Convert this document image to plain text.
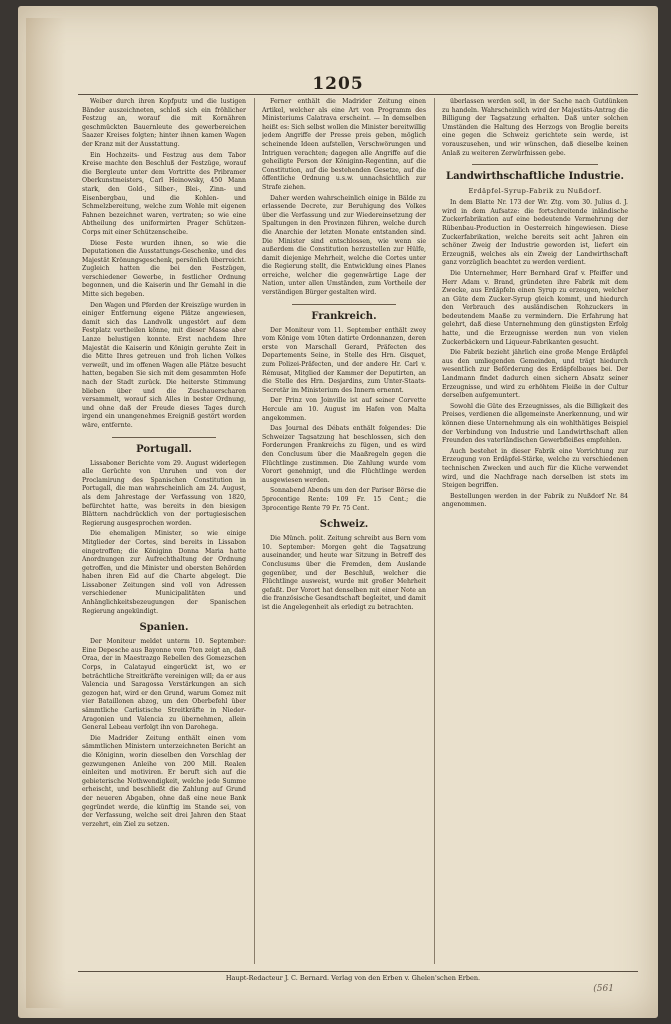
1205

Weiber durch ihren Kopfputz und die lustigen Bänder auszeichneten, schloß sich ein fröhlicher Festzug an, worauf die mit Kornähren geschmückten Bauernleute des gewerbereichen Saazer Kreises folgten; hinter ihnen kamen Wagen der Kranz mit der Ausstattung.

Ein Hochzeits- und Festzug aus dem Tabor Kreise machte den Beschluß der Festzüge, worauf die Bergleute unter dem Vortritte des Pribramer Oberkunstmeisters, Carl Heinowsky, 450 Mann stark, den Gold-, Silber-, Blei-, Zinn- und Eisenbergbau, und die Kohlen- und Schmelzbereitung, welche zum Wohle mit eigenen Fahnen bezeichnet waren, vertraten; so wie eine Abtheilung des uniformirten Prager Schützen-Corps mit einer Schützenscheibe.

Diese Feste wurden ihnen, so wie die Deputationen die Ausstattungs-Geschenke, und des Majestät Krönungsgeschenk, persönlich überreicht. Zugleich hatten die bei den Festzügen, verschiedener Gewerbe, in festlicher Ordnung begonnen, und die Kaiserin und Ihr Gemahl in die Mitte sich begeben.

Den Wagen und Pferden der Kreiszüge wurden in einiger Entfernung eigene Plätze angewiesen, damit sich das Landvolk ungestört auf dem Festplatz vertheilen könne, mit dieser Masse aber Lanze belustigen konnte. Erst nachdem Ihre Majestät die Kaiserin und Königin geruhte Zeit in die Mitte Ihres getreuen und froh lichen Volkes verweilt, und im offenen Wagen alle Plätze besucht hatten, begaben Sie sich mit dem gesammten Hofe nach der Stadt zurück. Die heiterste Stimmung blieben über und die Zuschauerscharen versammelt, worauf sich Alles in bester Ordnung, und ohne daß der Freude dieses Tages durch irgend ein unangenehmes Ereigniß gestört worden wäre, entfernte.

Portugall.

Lissaboner Berichte vom 29. August widerlegen alle Gerüchte von Unruhen und von der Proclamirung des Spanischen Constitution in Portugall, die man wahrscheinlich am 24. August, als dem Jahrestage der Verfassung von 1820, befürchtet hatte, was bereits in den biesigen Blättern nachdrücklich von der portugiesischen Regierung ausgesprochen worden.

Die ehemaligen Minister, so wie einige Mitglieder der Cortes, sind bereits in Lissabon eingetroffen; die Königinn Donna Maria hatte Anordnungen zur Aufrechthaltung der Ordnung getroffen, und die Minister und obersten Behörden haben ihren Eid auf die Charte abgelegt. Die Lissaboner Zeitungen sind voll von Adressen verschiedener Municipalitäten und Anhänglichkeitsbezeugungen der Spanischen Regierung angekündigt.

Spanien.

Der Moniteur meldet unterm 10. September: Eine Depesche aus Bayonne vom 7ten zeigt an, daß Oraa, der in Maestrazgo Rebellen des Gomezschen Corps, in Calatayud eingerückt ist, wo er beträchtliche Streitkräfte vereinigen will; da er aus Valencia und Saragossa Verstärkungen an sich gezogen hat, wird er den Grund, warum Gomez mit vier Bataillonen abzog, um den Oberbefehl über sämmtliche Carlistische Streitkräfte in Nieder-Aragonien und Valencia zu übernehmen, allein General Lebeau verfolgt ihn von Darohega.

Die Madrider Zeitung enthält einen vom sämmtlichen Ministern unterzeichneten Bericht an die Königinn, worin dieselben den Vorschlag der gezwungenen Anleihe von 200 Mill. Realen einleiten und motiviren. Er beruft sich auf die gebieterische Nothwendigkeit, welche jede Summe erheischt, und beschließt die Zahlung auf Grund der neueren Abgaben, ohne daß eine neue Bank gegründet werde, die künftig im Stande sei, von der Verfassung, welche seit drei Jahren den Staat verzehrt, ein Ziel zu setzen.

Ferner enthält die Madrider Zeitung einen Artikel, welcher als eine Art von Programm des Ministeriums Calatrava erscheint. — In demselben heißt es: Sich selbst wollen die Minister bereitwillig jedem Angriffe der Presse preis geben, möglich scheinende Ideen aufstellen, Verschwörungen und Intriguen verachten; dagegen alle Angriffe auf die geheiligte Person der Königinn-Regentinn, auf die Constitution, auf die bestehenden Gesetze, auf die öffentliche Ordnung u.s.w. unnachsichtlich zur Strafe ziehen.

Daher werden wahrscheinlich einige in Bälde zu erlassende Decrete, zur Beruhigung des Volkes über die Verfassung und zur Wiedereinsetzung der Spaltungen in den Provinzen führen, welche durch die Anarchie der letzten Monate entstanden sind. Die Minister sind entschlossen, wie wenn sie außerdem die Constitution herzustellen zur Hülfe, damit diejenige Mehrheit, welche die Cortes unter die Regierung stellt, die Entwicklung eines Planes erreiche, welcher die gegenwärtige Lage der Nation, unter allen Umständen, zum Vortheile der verständigen Bürger gestalten wird.

Frankreich.

Der Moniteur vom 11. September enthält zwey vom Könige vom 10ten datirte Ordonnanzen, deren erste von Marschall Gerard, Präfecten des Departements Seine, in Stelle des Hrn. Gisquet, zum Polizei-Präfecten, und der andere Hr. Carl v. Rémusat, Mitglied der Kammer der Deputirten, an die Stelle des Hrn. Desjardins, zum Unter-Staats-Secretär im Ministerium des Innern ernennt.

Der Prinz von Joinville ist auf seiner Corvette Hercule am 10. August im Hafen von Malta angekommen.

Das Journal des Débats enthält folgendes: Die Schweizer Tagsatzung hat beschlossen, sich den Forderungen Frankreichs zu fügen, und es wird den Conclusum über die Maaßregeln gegen die Flüchtlinge zustimmen. Die Zahlung wurde vom Vorort genehmigt, und die Flüchtlinge werden ausgewiesen werden.

Sonnabend Abends um den der Pariser Börse die 5procentige Rente: 109 Fr. 15 Cent.; die 3procentige Rente 79 Fr. 75 Cent.

Schweiz.

Die Münch. polit. Zeitung schreibt aus Bern vom 10. September: Morgen geht die Tagsatzung auseinander, und heute war Sitzung in Betreff des Conclusums über die Fremden, dem Auslande gegenüber, und der Beschluß, welcher die Flüchtlinge ausweist, wurde mit großer Mehrheit gefaßt. Der Vorort hat denselben mit einer Note an die französische Gesandtschaft begleitet, und damit ist die Angelegenheit als erledigt zu betrachten.

überlassen werden soll, in der Sache nach Gutdünken zu handeln. Wahrscheinlich wird der Majestäts-Antrag die Billigung der Tagsatzung erhalten. Daß unter solchen Umständen die Haltung des Herzogs von Broglie bereits eine gegen die Schweiz gerichtete sein werde, ist vorauszusehen, und wir wünschen, daß dieselbe keinen Anlaß zu weiteren Zerwürfnissen gebe.

Landwirthschaftliche Industrie.
Erdäpfel-Syrup-Fabrik zu Nußdorf.

In dem Blatte Nr. 173 der Wr. Ztg. vom 30. Julius d. J. wird in dem Aufsatze: die fortschreitende inländische Zuckerfabrikation auf eine bedeutende Vermehrung der Rübenbau-Production in Oesterreich hingewiesen. Diese Zuckerfabrikation, welche bereits seit acht Jahren ein schöner Zweig der Industrie geworden ist, liefert ein Erzeugniß, welches als ein Zweig der Landwirthschaft ganz vorzüglich beachtet zu werden verdient.

Die Unternehmer, Herr Bernhard Graf v. Pfeiffer und Herr Adam v. Brand, gründeten ihre Fabrik mit dem Zwecke, aus Erdäpfeln einen Syrup zu erzeugen, welcher an Güte dem Zucker-Syrup gleich kommt, und hiedurch den Verbrauch des ausländischen Rohzuckers in bedeutendem Maaße zu vermindern. Die Erfahrung hat gelehrt, daß diese Unternehmung den günstigsten Erfolg hatte, und die Erzeugnisse werden nun von vielen Zuckerbäckern und Liqueur-Fabrikanten gesucht.

Die Fabrik bezieht jährlich eine große Menge Erdäpfel aus den umliegenden Gemeinden, und trägt hiedurch wesentlich zur Beförderung des Erdäpfelbaues bei. Der Landmann findet dadurch einen sichern Absatz seiner Erzeugnisse, und wird zu erhöhtem Fleiße in der Cultur derselben aufgemuntert.

Sowohl die Güte des Erzeugnisses, als die Billigkeit des Preises, verdienen die allgemeinste Anerkennung, und wir können diese Unternehmung als ein wohlthätiges Beispiel der Verbindung von Industrie und Landwirthschaft allen Freunden des vaterländischen Gewerbfleißes empfehlen.

Auch bestehet in dieser Fabrik eine Vorrichtung zur Erzeugung von Erdäpfel-Stärke, welche zu verschiedenen technischen Zwecken und auch für die Küche verwendet wird, und die Nachfrage nach derselben ist stets im Steigen begriffen.

Bestellungen werden in der Fabrik zu Nußdorf Nr. 84 angenommen.

Haupt-Redacteur J. C. Bernard. Verlag von den Erben v. Ghelen'schen Erben.
(561
